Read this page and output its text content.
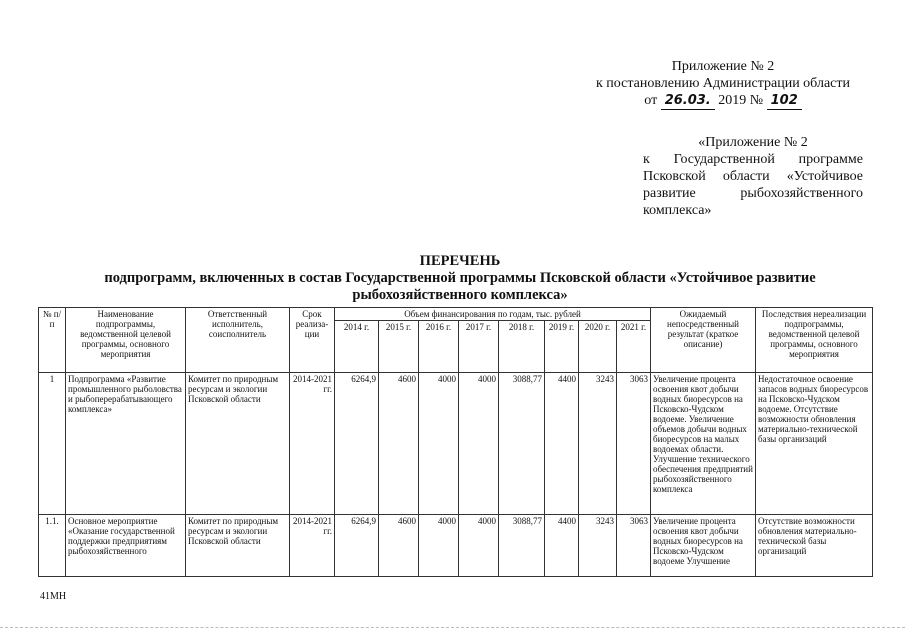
Приложение № 2
к постановлению Администрации области
от 26.03. 2019 № 102
«Приложение № 2
к Государственной программе
Псковской области «Устойчивое
развитие рыбохозяйственного
комплекса»
ПЕРЕЧЕНЬ
подпрограмм, включенных в состав Государственной программы Псковской области «Устойчивое развитие
рыбохозяйственного комплекса»
№ п/п	Наименование подпрограммы, ведомственной целевой программы, основного мероприятия	Ответственный исполнитель, соисполнитель	Срок реализа- ции	Объем финансирования по годам, тыс. рублей								Ожидаемый непосредственный результат (краткое описание)	Последствия нереализации подпрограммы, ведомственной целевой программы, основного мероприятия
				2014 г.	2015 г.	2016 г.	2017 г.	2018 г.	2019 г.	2020 г.	2021 г.		
1	Подпрограмма «Развитие промышленного рыболовства и рыбоперерабатывающего комплекса»	Комитет по природным ресурсам и экологии Псковской области	2014-2021 гг.	6264,9	4600	4000	4000	3088,77	4400	3243	3063	Увеличение процента освоения квот добычи водных биоресурсов на Псковско-Чудском водоеме. Увеличение объемов добычи водных биоресурсов на малых водоемах области. Улучшение технического обеспечения предприятий рыбохозяйственного комплекса	Недостаточное освоение запасов водных биоресурсов на Псковско-Чудском водоеме. Отсутствие возможности обновления материально-технической базы организаций
1.1.	Основное мероприятие «Оказание государственной поддержки предприятиям рыбохозяйственного	Комитет по природным ресурсам и экологии Псковской области	2014-2021 гг.	6264,9	4600	4000	4000	3088,77	4400	3243	3063	Увеличение процента освоения квот добычи водных биоресурсов на Псковско-Чудском водоеме Улучшение	Отсутствие возможности обновления материально-технической базы организаций
41МН
